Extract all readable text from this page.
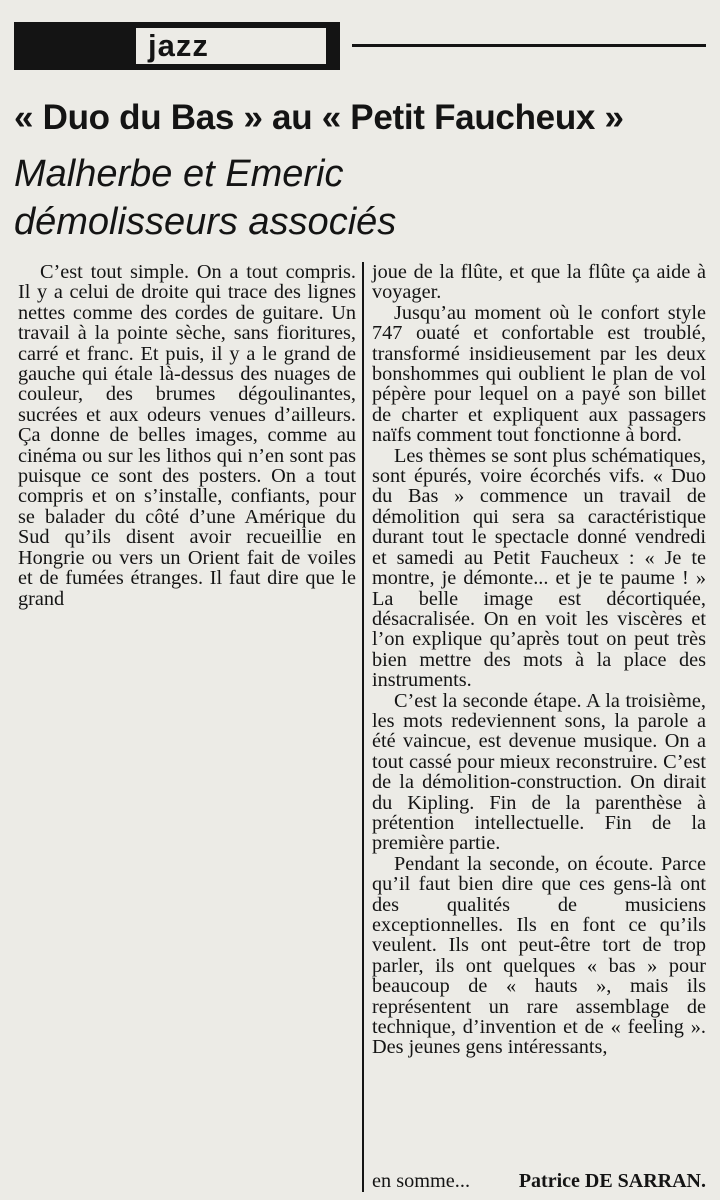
jazz
« Duo du Bas » au « Petit Faucheux »
Malherbe et Emeric
démolisseurs associés

C’est tout simple. On a tout compris. Il y a celui de droite qui trace des lignes nettes comme des cordes de guitare. Un travail à la pointe sèche, sans fioritures, carré et franc. Et puis, il y a le grand de gauche qui étale là-dessus des nuages de couleur, des brumes dégoulinantes, sucrées et aux odeurs venues d’ailleurs. Ça donne de belles images, comme au cinéma ou sur les lithos qui n’en sont pas puisque ce sont des posters. On a tout compris et on s’installe, confiants, pour se balader du côté d’une Amérique du Sud qu’ils disent avoir recueillie en Hongrie ou vers un Orient fait de voiles et de fumées étranges. Il faut dire que le grand

joue de la flûte, et que la flûte ça aide à voyager.

Jusqu’au moment où le confort style 747 ouaté et confortable est troublé, transformé insidieusement par les deux bonshommes qui oublient le plan de vol pépère pour lequel on a payé son billet de charter et expliquent aux passagers naïfs comment tout fonctionne à bord.

Les thèmes se sont plus schématiques, sont épurés, voire écorchés vifs. « Duo du Bas » commence un travail de démolition qui sera sa caractéristique durant tout le spectacle donné vendredi et samedi au Petit Faucheux : « Je te montre, je démonte... et je te paume ! » La belle image est décortiquée, désacralisée. On en voit les viscères et l’on explique qu’après tout on peut très bien mettre des mots à la place des instruments.

C’est la seconde étape. A la troisième, les mots redeviennent sons, la parole a été vaincue, est devenue musique. On a tout cassé pour mieux reconstruire. C’est de la démolition-construction. On dirait du Kipling. Fin de la parenthèse à prétention intellectuelle. Fin de la première partie.

Pendant la seconde, on écoute. Parce qu’il faut bien dire que ces gens-là ont des qualités de musiciens exceptionnelles. Ils en font ce qu’ils veulent. Ils ont peut-être tort de trop parler, ils ont quelques « bas » pour beaucoup de « hauts », mais ils représentent un rare assemblage de technique, d’invention et de « feeling ». Des jeunes gens intéressants,

en somme...	Patrice DE SARRAN.
